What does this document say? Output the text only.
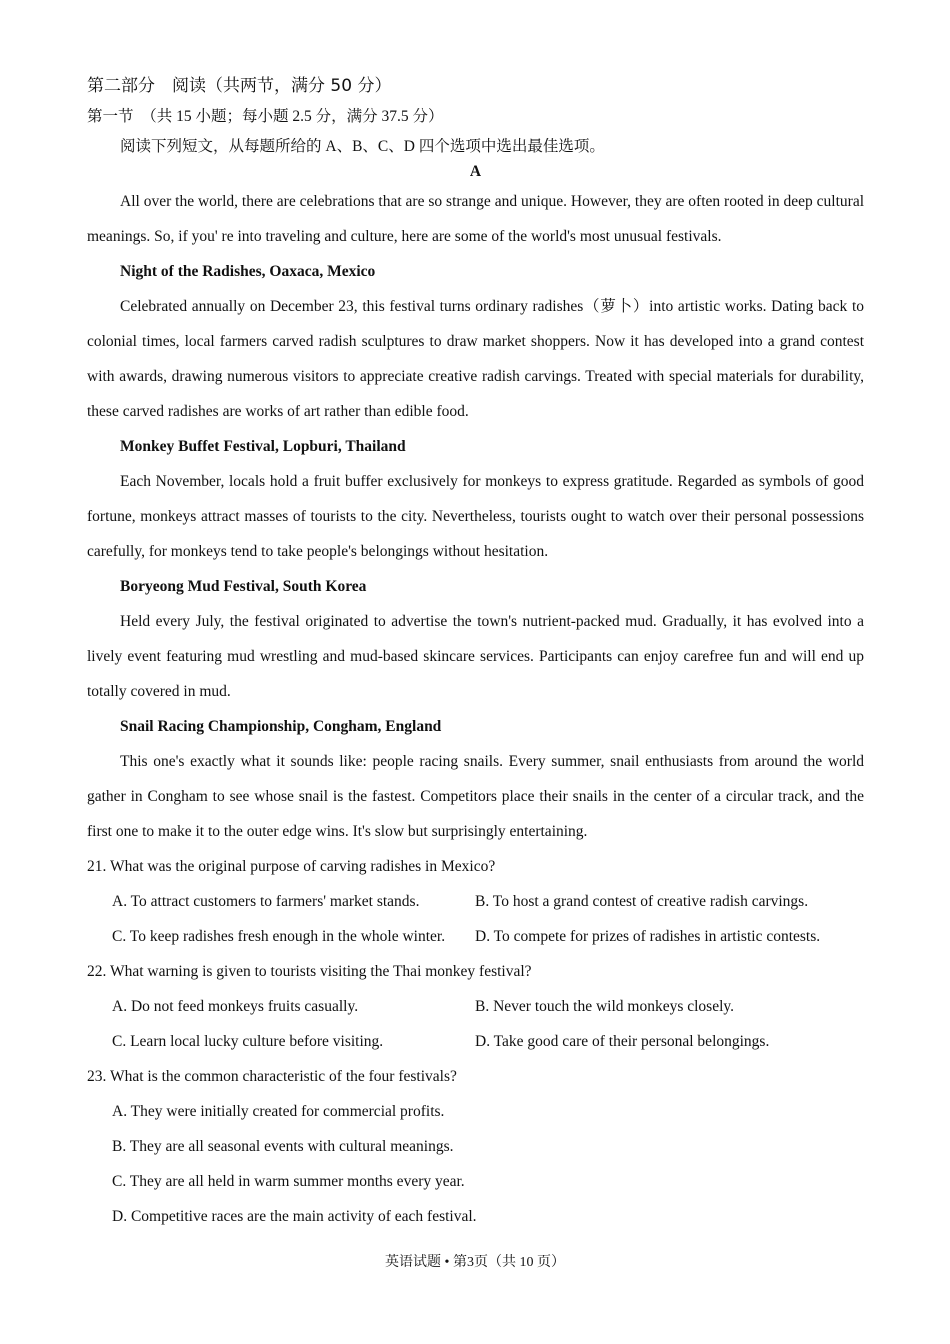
第二部分　阅读（共两节，满分 50 分）

第一节　（共 15 小题；每小题 2.5 分，满分 37.5 分）

阅读下列短文，从每题所给的 A、B、C、D 四个选项中选出最佳选项。

A

All over the world, there are celebrations that are so strange and unique. However, they are often rooted in deep cultural meanings. So, if you' re into traveling and culture, here are some of the world's most unusual festivals.

Night of the Radishes, Oaxaca, Mexico

Celebrated annually on December 23, this festival turns ordinary radishes（萝卜）into artistic works. Dating back to colonial times, local farmers carved radish sculptures to draw market shoppers. Now it has developed into a grand contest with awards, drawing numerous visitors to appreciate creative radish carvings. Treated with special materials for durability, these carved radishes are works of art rather than edible food.

Monkey Buffet Festival, Lopburi, Thailand

Each November, locals hold a fruit buffer exclusively for monkeys to express gratitude. Regarded as symbols of good fortune, monkeys attract masses of tourists to the city. Nevertheless, tourists ought to watch over their personal possessions carefully, for monkeys tend to take people's belongings without hesitation.

Boryeong Mud Festival, South Korea

Held every July, the festival originated to advertise the town's nutrient-packed mud. Gradually, it has evolved into a lively event featuring mud wrestling and mud-based skincare services. Participants can enjoy carefree fun and will end up totally covered in mud.

Snail Racing Championship, Congham, England

This one's exactly what it sounds like: people racing snails. Every summer, snail enthusiasts from around the world gather in Congham to see whose snail is the fastest. Competitors place their snails in the center of a circular track, and the first one to make it to the outer edge wins. It's slow but surprisingly entertaining.

21. What was the original purpose of carving radishes in Mexico?

A. To attract customers to farmers' market stands.	B. To host a grand contest of creative radish carvings.
C. To keep radishes fresh enough in the whole winter.	D. To compete for prizes of radishes in artistic contests.

22. What warning is given to tourists visiting the Thai monkey festival?

A. Do not feed monkeys fruits casually.	B. Never touch the wild monkeys closely.
C. Learn local lucky culture before visiting.	D. Take good care of their personal belongings.

23. What is the common characteristic of the four festivals?

A. They were initially created for commercial profits.

B. They are all seasonal events with cultural meanings.

C. They are all held in warm summer months every year.

D. Competitive races are the main activity of each festival.

英语试题 • 第3页（共 10 页）
